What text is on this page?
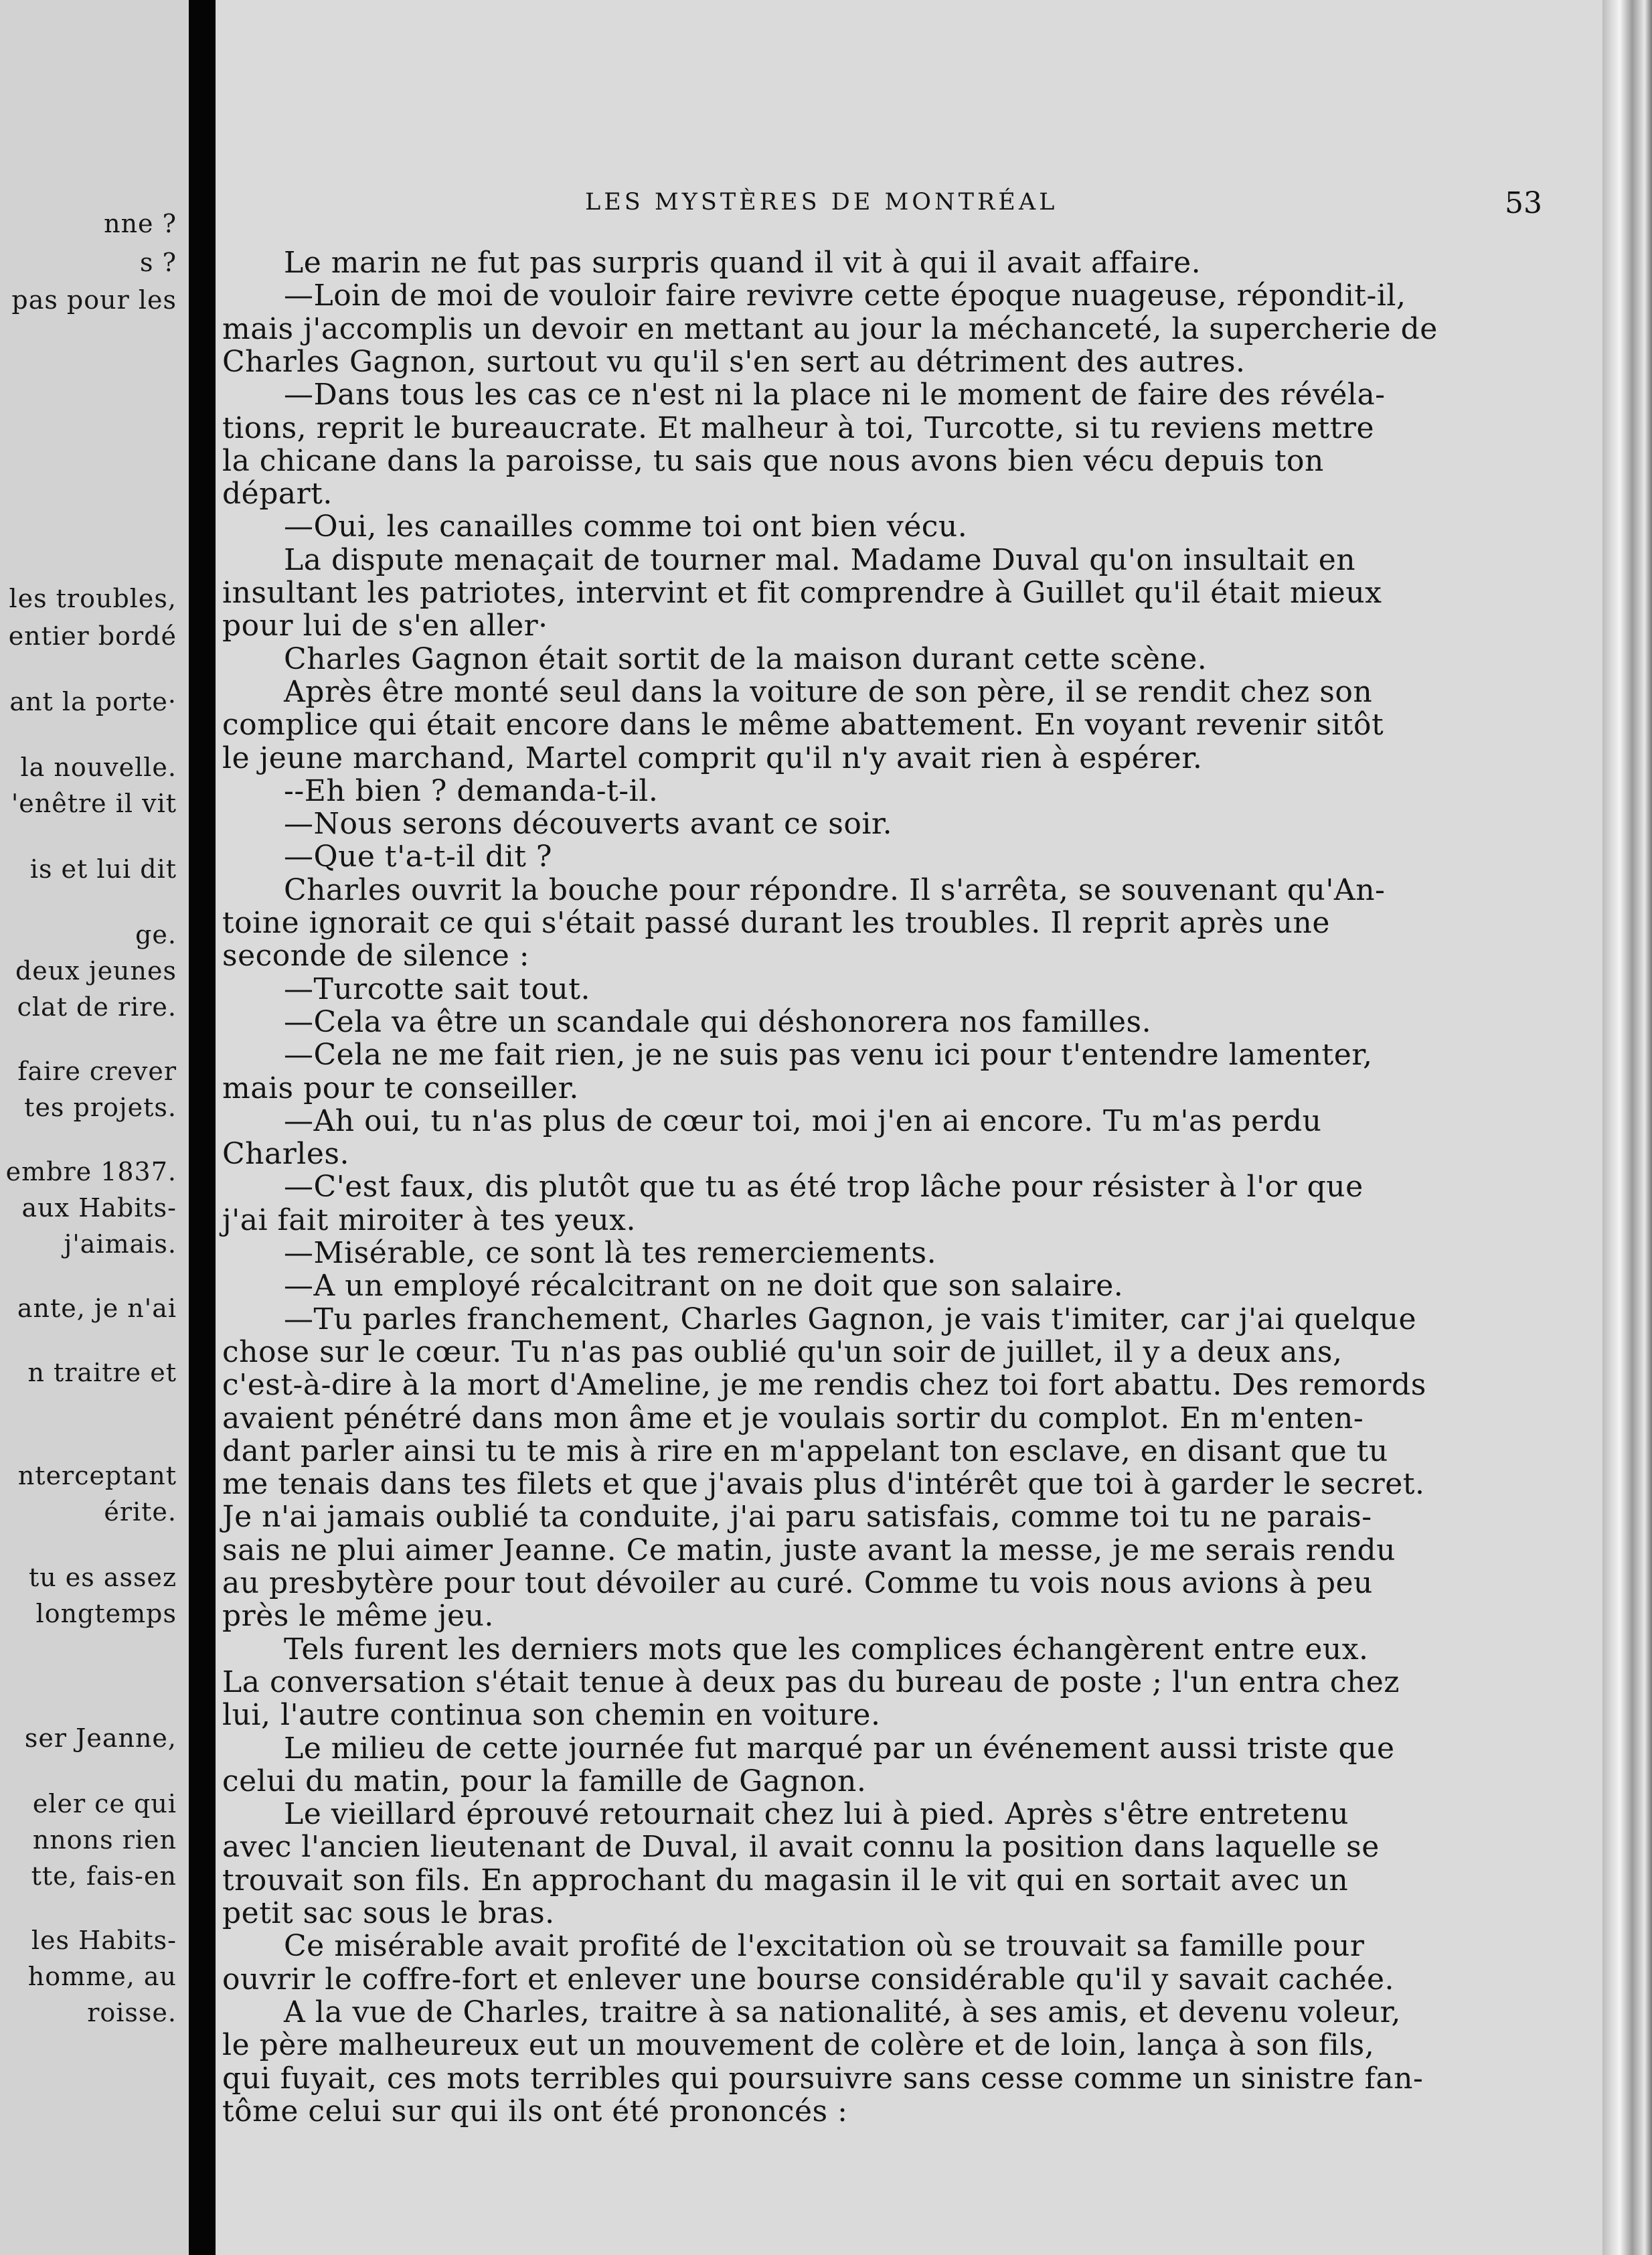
nne ?
s ?
pas pour les
les troubles,
entier bordé
ant la porte·
la nouvelle.
'enêtre il vit
is et lui dit
ge.
deux jeunes
clat de rire.
faire crever
tes projets.
embre 1837.
aux Habits-
j'aimais.
ante, je n'ai
n traitre et
nterceptant
érite.
tu es assez
longtemps
ser Jeanne,
eler ce qui
nnons rien
tte, fais-en
les Habits-
homme, au
roisse.
LES MYSTÈRES DE MONTRÉAL	53
Le marin ne fut pas surpris quand il vit à qui il avait affaire.
—Loin de moi de vouloir faire revivre cette époque nuageuse, répondit-il,
mais j'accomplis un devoir en mettant au jour la méchanceté, la supercherie de
Charles Gagnon, surtout vu qu'il s'en sert au détriment des autres.
—Dans tous les cas ce n'est ni la place ni le moment de faire des révéla-
tions, reprit le bureaucrate. Et malheur à toi, Turcotte, si tu reviens mettre
la chicane dans la paroisse, tu sais que nous avons bien vécu depuis ton
départ.
—Oui, les canailles comme toi ont bien vécu.
La dispute menaçait de tourner mal. Madame Duval qu'on insultait en
insultant les patriotes, intervint et fit comprendre à Guillet qu'il était mieux
pour lui de s'en aller·
Charles Gagnon était sortit de la maison durant cette scène.
Après être monté seul dans la voiture de son père, il se rendit chez son
complice qui était encore dans le même abattement. En voyant revenir sitôt
le jeune marchand, Martel comprit qu'il n'y avait rien à espérer.
--Eh bien ? demanda-t-il.
—Nous serons découverts avant ce soir.
—Que t'a-t-il dit ?
Charles ouvrit la bouche pour répondre. Il s'arrêta, se souvenant qu'An-
toine ignorait ce qui s'était passé durant les troubles. Il reprit après une
seconde de silence :
—Turcotte sait tout.
—Cela va être un scandale qui déshonorera nos familles.
—Cela ne me fait rien, je ne suis pas venu ici pour t'entendre lamenter,
mais pour te conseiller.
—Ah oui, tu n'as plus de cœur toi, moi j'en ai encore. Tu m'as perdu
Charles.
—C'est faux, dis plutôt que tu as été trop lâche pour résister à l'or que
j'ai fait miroiter à tes yeux.
—Misérable, ce sont là tes remerciements.
—A un employé récalcitrant on ne doit que son salaire.
—Tu parles franchement, Charles Gagnon, je vais t'imiter, car j'ai quelque
chose sur le cœur. Tu n'as pas oublié qu'un soir de juillet, il y a deux ans,
c'est-à-dire à la mort d'Ameline, je me rendis chez toi fort abattu. Des remords
avaient pénétré dans mon âme et je voulais sortir du complot. En m'enten-
dant parler ainsi tu te mis à rire en m'appelant ton esclave, en disant que tu
me tenais dans tes filets et que j'avais plus d'intérêt que toi à garder le secret.
Je n'ai jamais oublié ta conduite, j'ai paru satisfais, comme toi tu ne parais-
sais ne plui aimer Jeanne. Ce matin, juste avant la messe, je me serais rendu
au presbytère pour tout dévoiler au curé. Comme tu vois nous avions à peu
près le même jeu.
Tels furent les derniers mots que les complices échangèrent entre eux.
La conversation s'était tenue à deux pas du bureau de poste ; l'un entra chez
lui, l'autre continua son chemin en voiture.
Le milieu de cette journée fut marqué par un événement aussi triste que
celui du matin, pour la famille de Gagnon.
Le vieillard éprouvé retournait chez lui à pied. Après s'être entretenu
avec l'ancien lieutenant de Duval, il avait connu la position dans laquelle se
trouvait son fils. En approchant du magasin il le vit qui en sortait avec un
petit sac sous le bras.
Ce misérable avait profité de l'excitation où se trouvait sa famille pour
ouvrir le coffre-fort et enlever une bourse considérable qu'il y savait cachée.
A la vue de Charles, traitre à sa nationalité, à ses amis, et devenu voleur,
le père malheureux eut un mouvement de colère et de loin, lança à son fils,
qui fuyait, ces mots terribles qui poursuivre sans cesse comme un sinistre fan-
tôme celui sur qui ils ont été prononcés :
